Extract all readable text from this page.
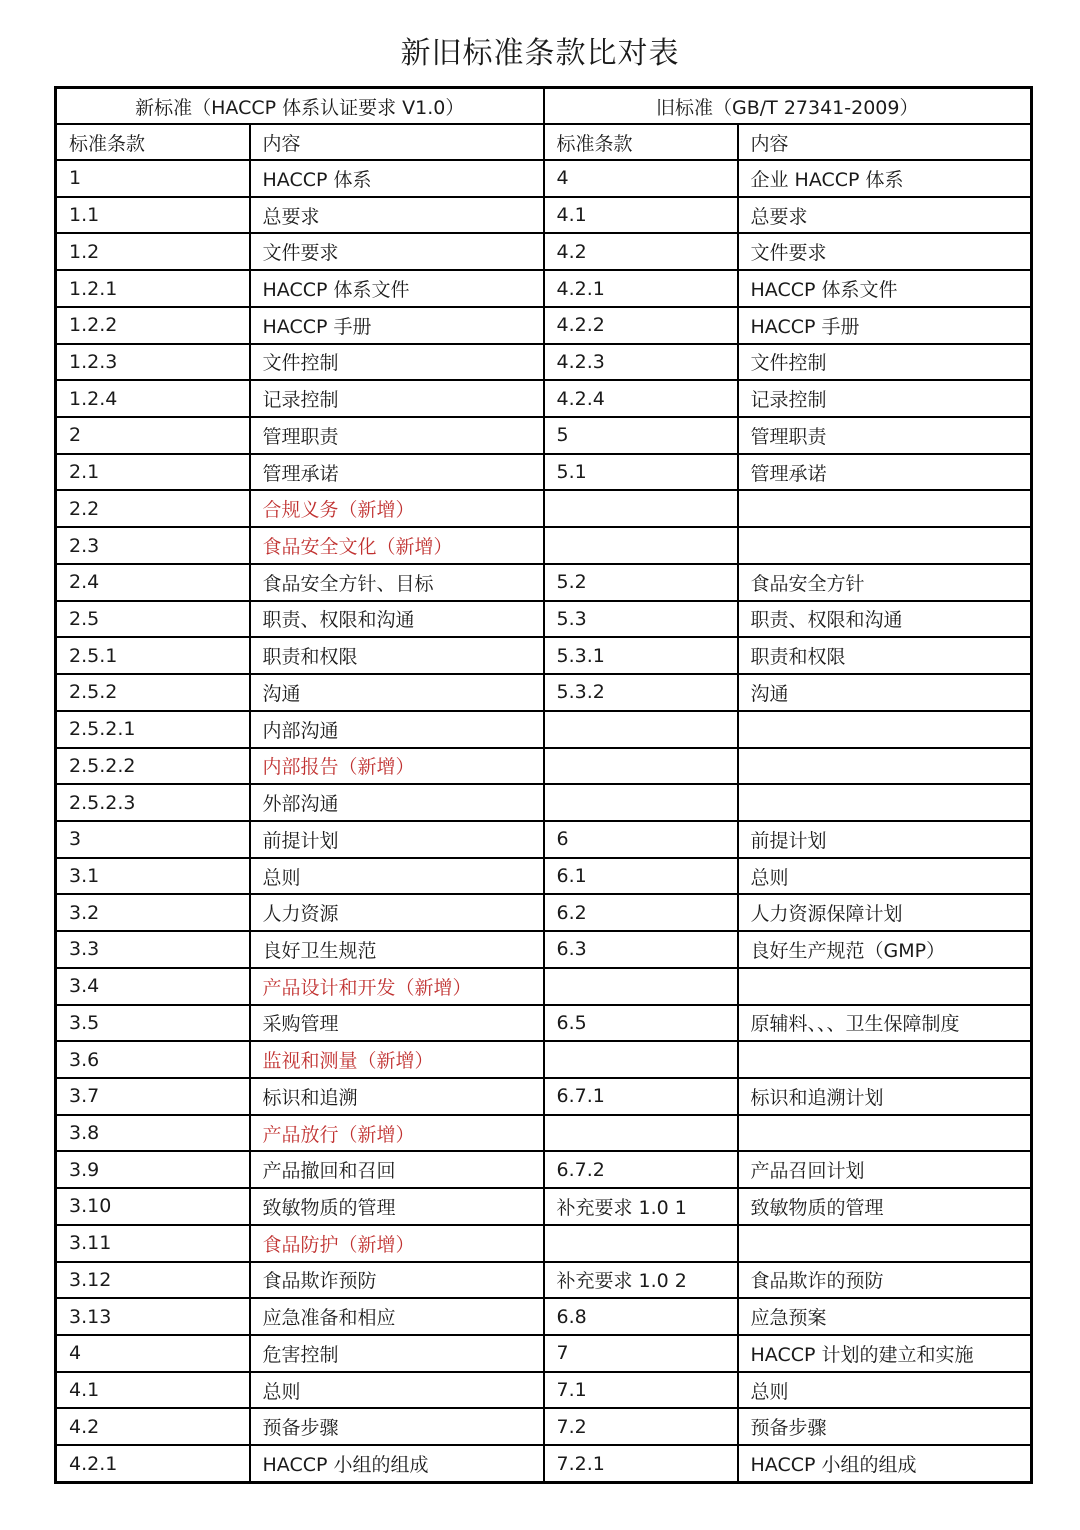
新旧标准条款比对表
新标准（HACCP 体系认证要求 V1.0）		旧标准（GB/T 27341-2009）	
标准条款	内容	标准条款	内容
1	HACCP 体系	4	企业 HACCP 体系
1.1	总要求	4.1	总要求
1.2	文件要求	4.2	文件要求
1.2.1	HACCP 体系文件	4.2.1	HACCP 体系文件
1.2.2	HACCP 手册	4.2.2	HACCP 手册
1.2.3	文件控制	4.2.3	文件控制
1.2.4	记录控制	4.2.4	记录控制
2	管理职责	5	管理职责
2.1	管理承诺	5.1	管理承诺
2.2	合规义务（新增）		
2.3	食品安全文化（新增）		
2.4	食品安全方针、目标	5.2	食品安全方针
2.5	职责、权限和沟通	5.3	职责、权限和沟通
2.5.1	职责和权限	5.3.1	职责和权限
2.5.2	沟通	5.3.2	沟通
2.5.2.1	内部沟通		
2.5.2.2	内部报告（新增）		
2.5.2.3	外部沟通		
3	前提计划	6	前提计划
3.1	总则	6.1	总则
3.2	人力资源	6.2	人力资源保障计划
3.3	良好卫生规范	6.3	良好生产规范（GMP）
3.4	产品设计和开发（新增）		
3.5	采购管理	6.5	原辅料、、、卫生保障制度
3.6	监视和测量（新增）		
3.7	标识和追溯	6.7.1	标识和追溯计划
3.8	产品放行（新增）		
3.9	产品撤回和召回	6.7.2	产品召回计划
3.10	致敏物质的管理	补充要求 1.0 1	致敏物质的管理
3.11	食品防护（新增）		
3.12	食品欺诈预防	补充要求 1.0 2	食品欺诈的预防
3.13	应急准备和相应	6.8	应急预案
4	危害控制	7	HACCP 计划的建立和实施
4.1	总则	7.1	总则
4.2	预备步骤	7.2	预备步骤
4.2.1	HACCP 小组的组成	7.2.1	HACCP 小组的组成
